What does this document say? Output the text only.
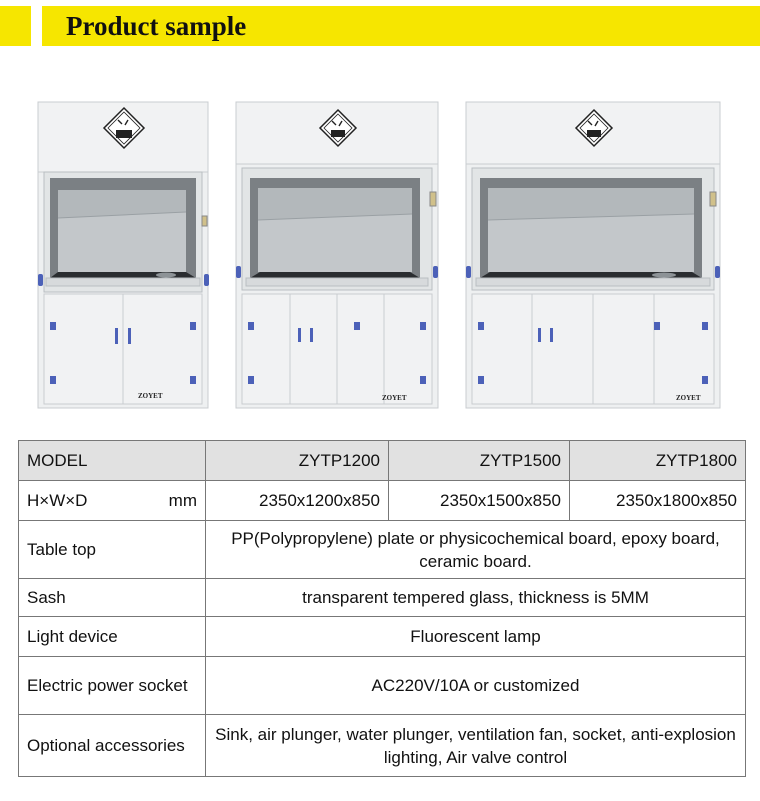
Product sample
ZOYET	ZOYET	ZOYET
MODEL	ZYTP1200	ZYTP1500	ZYTP1800

H×W×D mm	2350x1200x850	2350x1500x850	2350x1800x850
Table top	PP(Polypropylene) plate or physicochemical board, epoxy board, ceramic board.		
Sash	transparent tempered glass, thickness is 5MM		
Light device	Fluorescent lamp		
Electric power socket	AC220V/10A or customized		
Optional accessories	Sink, air plunger, water plunger, ventilation fan, socket, anti-explosion lighting, Air valve control		
